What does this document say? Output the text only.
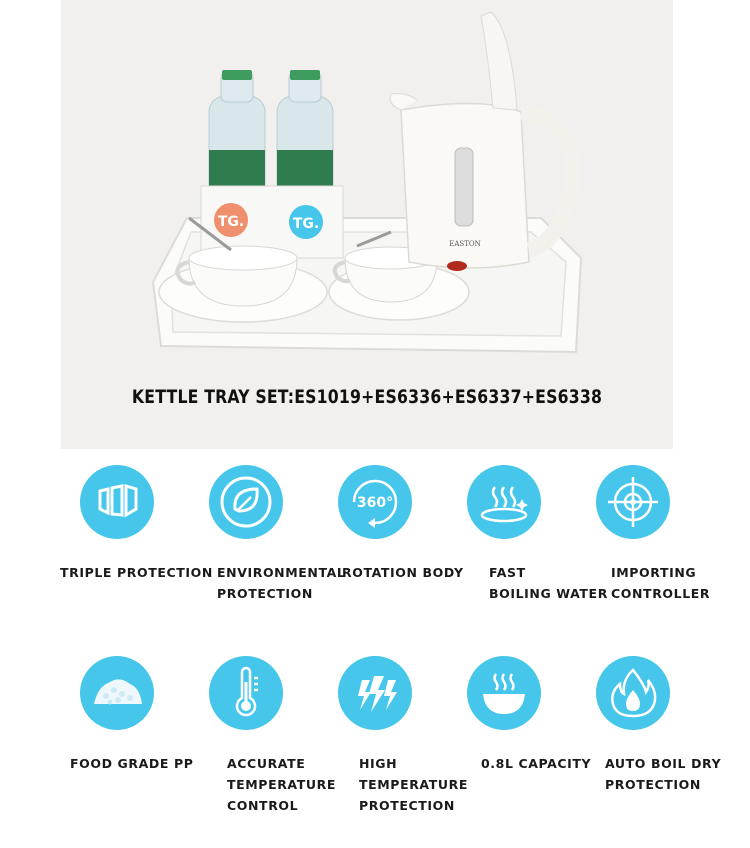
TG.	TG.
EASTON
KETTLE TRAY SET:ES1019+ES6336+ES6337+ES6338
TRIPLE PROTECTION ENVIRONMENTAL
PROTECTION
360°
ROTATION BODY FAST
BOILING WATER
IMPORTING
CONTROLLER
FOOD GRADE PP	ACCURATE
TEMPERATURE
CONTROL
HIGH
TEMPERATURE
PROTECTION
0.8L CAPACITY AUTO BOIL DRY
PROTECTION
